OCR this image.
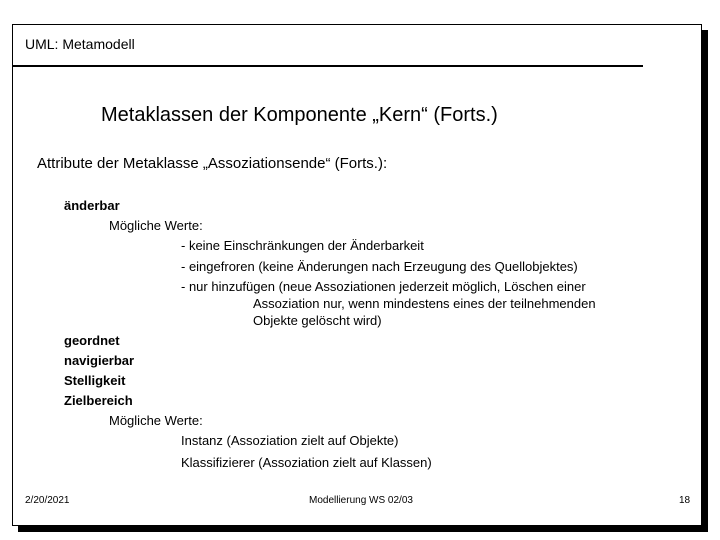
UML: Metamodell
Metaklassen der Komponente „Kern“ (Forts.)
Attribute der Metaklasse „Assoziationsende“ (Forts.):
änderbar
Mögliche Werte:
- keine Einschränkungen der Änderbarkeit
- eingefroren (keine Änderungen nach Erzeugung des Quellobjektes)
- nur hinzufügen (neue Assoziationen jederzeit möglich, Löschen einer
Assoziation nur, wenn mindestens eines der teilnehmenden
Objekte gelöscht wird)
geordnet
navigierbar
Stelligkeit
Zielbereich
Mögliche Werte:
Instanz (Assoziation zielt auf Objekte)
Klassifizierer (Assoziation zielt auf Klassen)
2/20/2021	Modellierung WS 02/03	18
